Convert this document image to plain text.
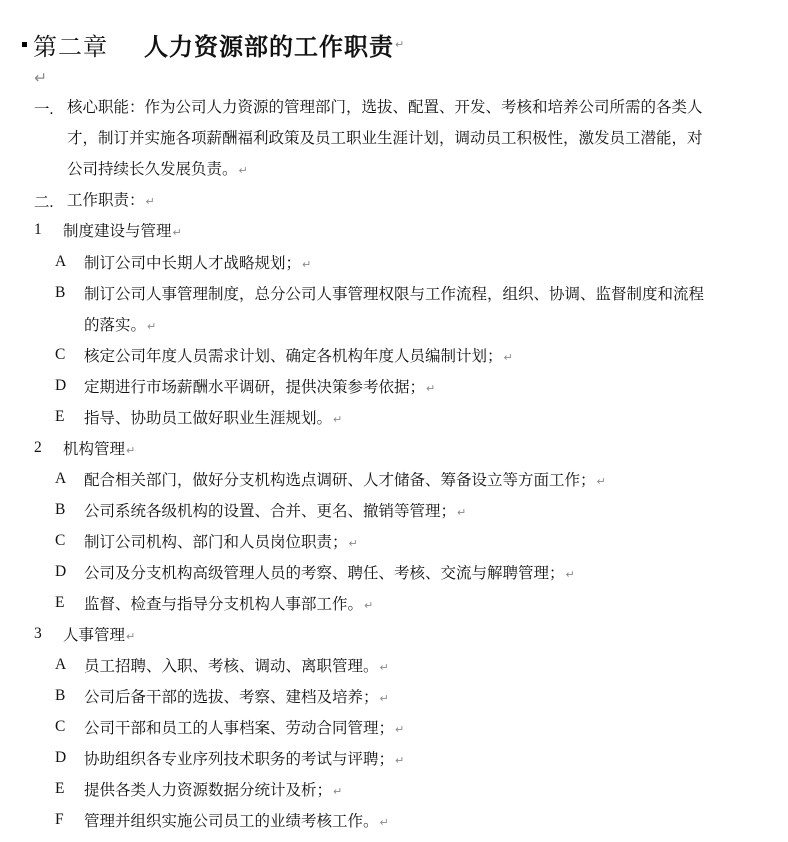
第二章 人力资源部的工作职责 ↵
↵
一. 核心职能：作为公司人力资源的管理部门，选拔、配置、开发、考核和培养公司所需的各类人
才，制订并实施各项薪酬福利政策及员工职业生涯计划，调动员工积极性，激发员工潜能，对
公司持续长久发展负责。↵
二. 工作职责：↵
1 制度建设与管理↵
A 制订公司中长期人才战略规划；↵
B 制订公司人事管理制度，总分公司人事管理权限与工作流程，组织、协调、监督制度和流程
的落实。↵
C 核定公司年度人员需求计划、确定各机构年度人员编制计划；↵
D 定期进行市场薪酬水平调研，提供决策参考依据；↵
E 指导、协助员工做好职业生涯规划。↵
2 机构管理↵
A 配合相关部门，做好分支机构选点调研、人才储备、筹备设立等方面工作；↵
B 公司系统各级机构的设置、合并、更名、撤销等管理；↵
C 制订公司机构、部门和人员岗位职责；↵
D 公司及分支机构高级管理人员的考察、聘任、考核、交流与解聘管理；↵
E 监督、检查与指导分支机构人事部工作。↵
3 人事管理↵
A 员工招聘、入职、考核、调动、离职管理。↵
B 公司后备干部的选拔、考察、建档及培养；↵
C 公司干部和员工的人事档案、劳动合同管理；↵
D 协助组织各专业序列技术职务的考试与评聘；↵
E 提供各类人力资源数据分统计及析；↵
F 管理并组织实施公司员工的业绩考核工作。↵
